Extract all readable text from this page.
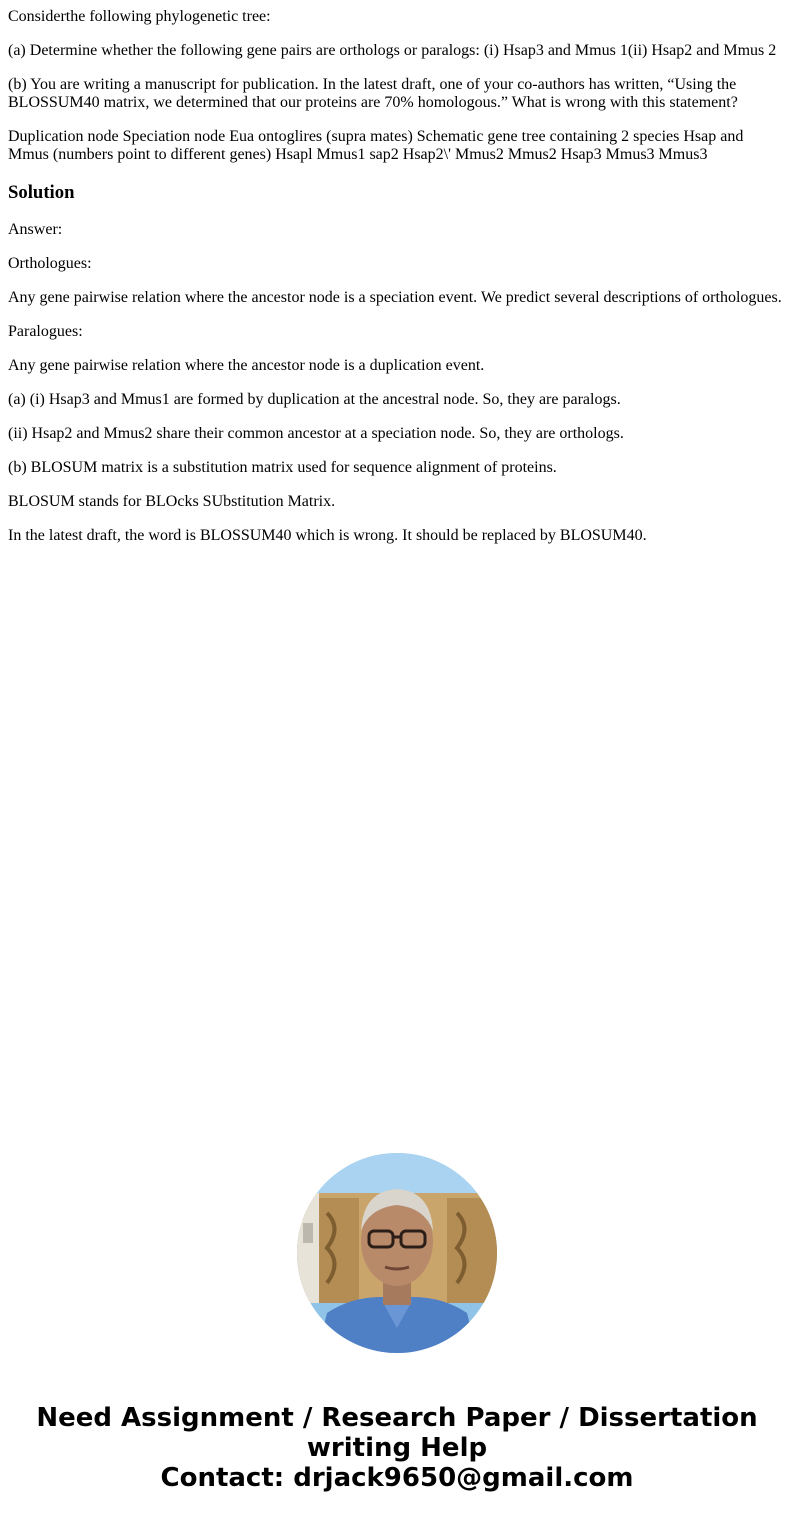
Considerthe following phylogenetic tree:

(a) Determine whether the following gene pairs are orthologs or paralogs: (i) Hsap3 and Mmus 1(ii) Hsap2 and Mmus 2

(b) You are writing a manuscript for publication. In the latest draft, one of your co-authors has written, “Using the BLOSSUM40 matrix, we determined that our proteins are 70% homologous.” What is wrong with this statement?

Duplication node Speciation node Eua ontoglires (supra mates) Schematic gene tree containing 2 species Hsap and Mmus (numbers point to different genes) Hsapl Mmus1 sap2 Hsap2\' Mmus2 Mmus2 Hsap3 Mmus3 Mmus3

Solution

Answer:

Orthologues:

Any gene pairwise relation where the ancestor node is a speciation event. We predict several descriptions of orthologues.

Paralogues:

Any gene pairwise relation where the ancestor node is a duplication event.

(a) (i) Hsap3 and Mmus1 are formed by duplication at the ancestral node. So, they are paralogs.

(ii) Hsap2 and Mmus2 share their common ancestor at a speciation node. So, they are orthologs.

(b) BLOSUM matrix is a substitution matrix used for sequence alignment of proteins.

BLOSUM stands for BLOcks SUbstitution Matrix.

In the latest draft, the word is BLOSSUM40 which is wrong. It should be replaced by BLOSUM40.

Need Assignment / Research Paper / Dissertation
writing Help
Contact: drjack9650@gmail.com
